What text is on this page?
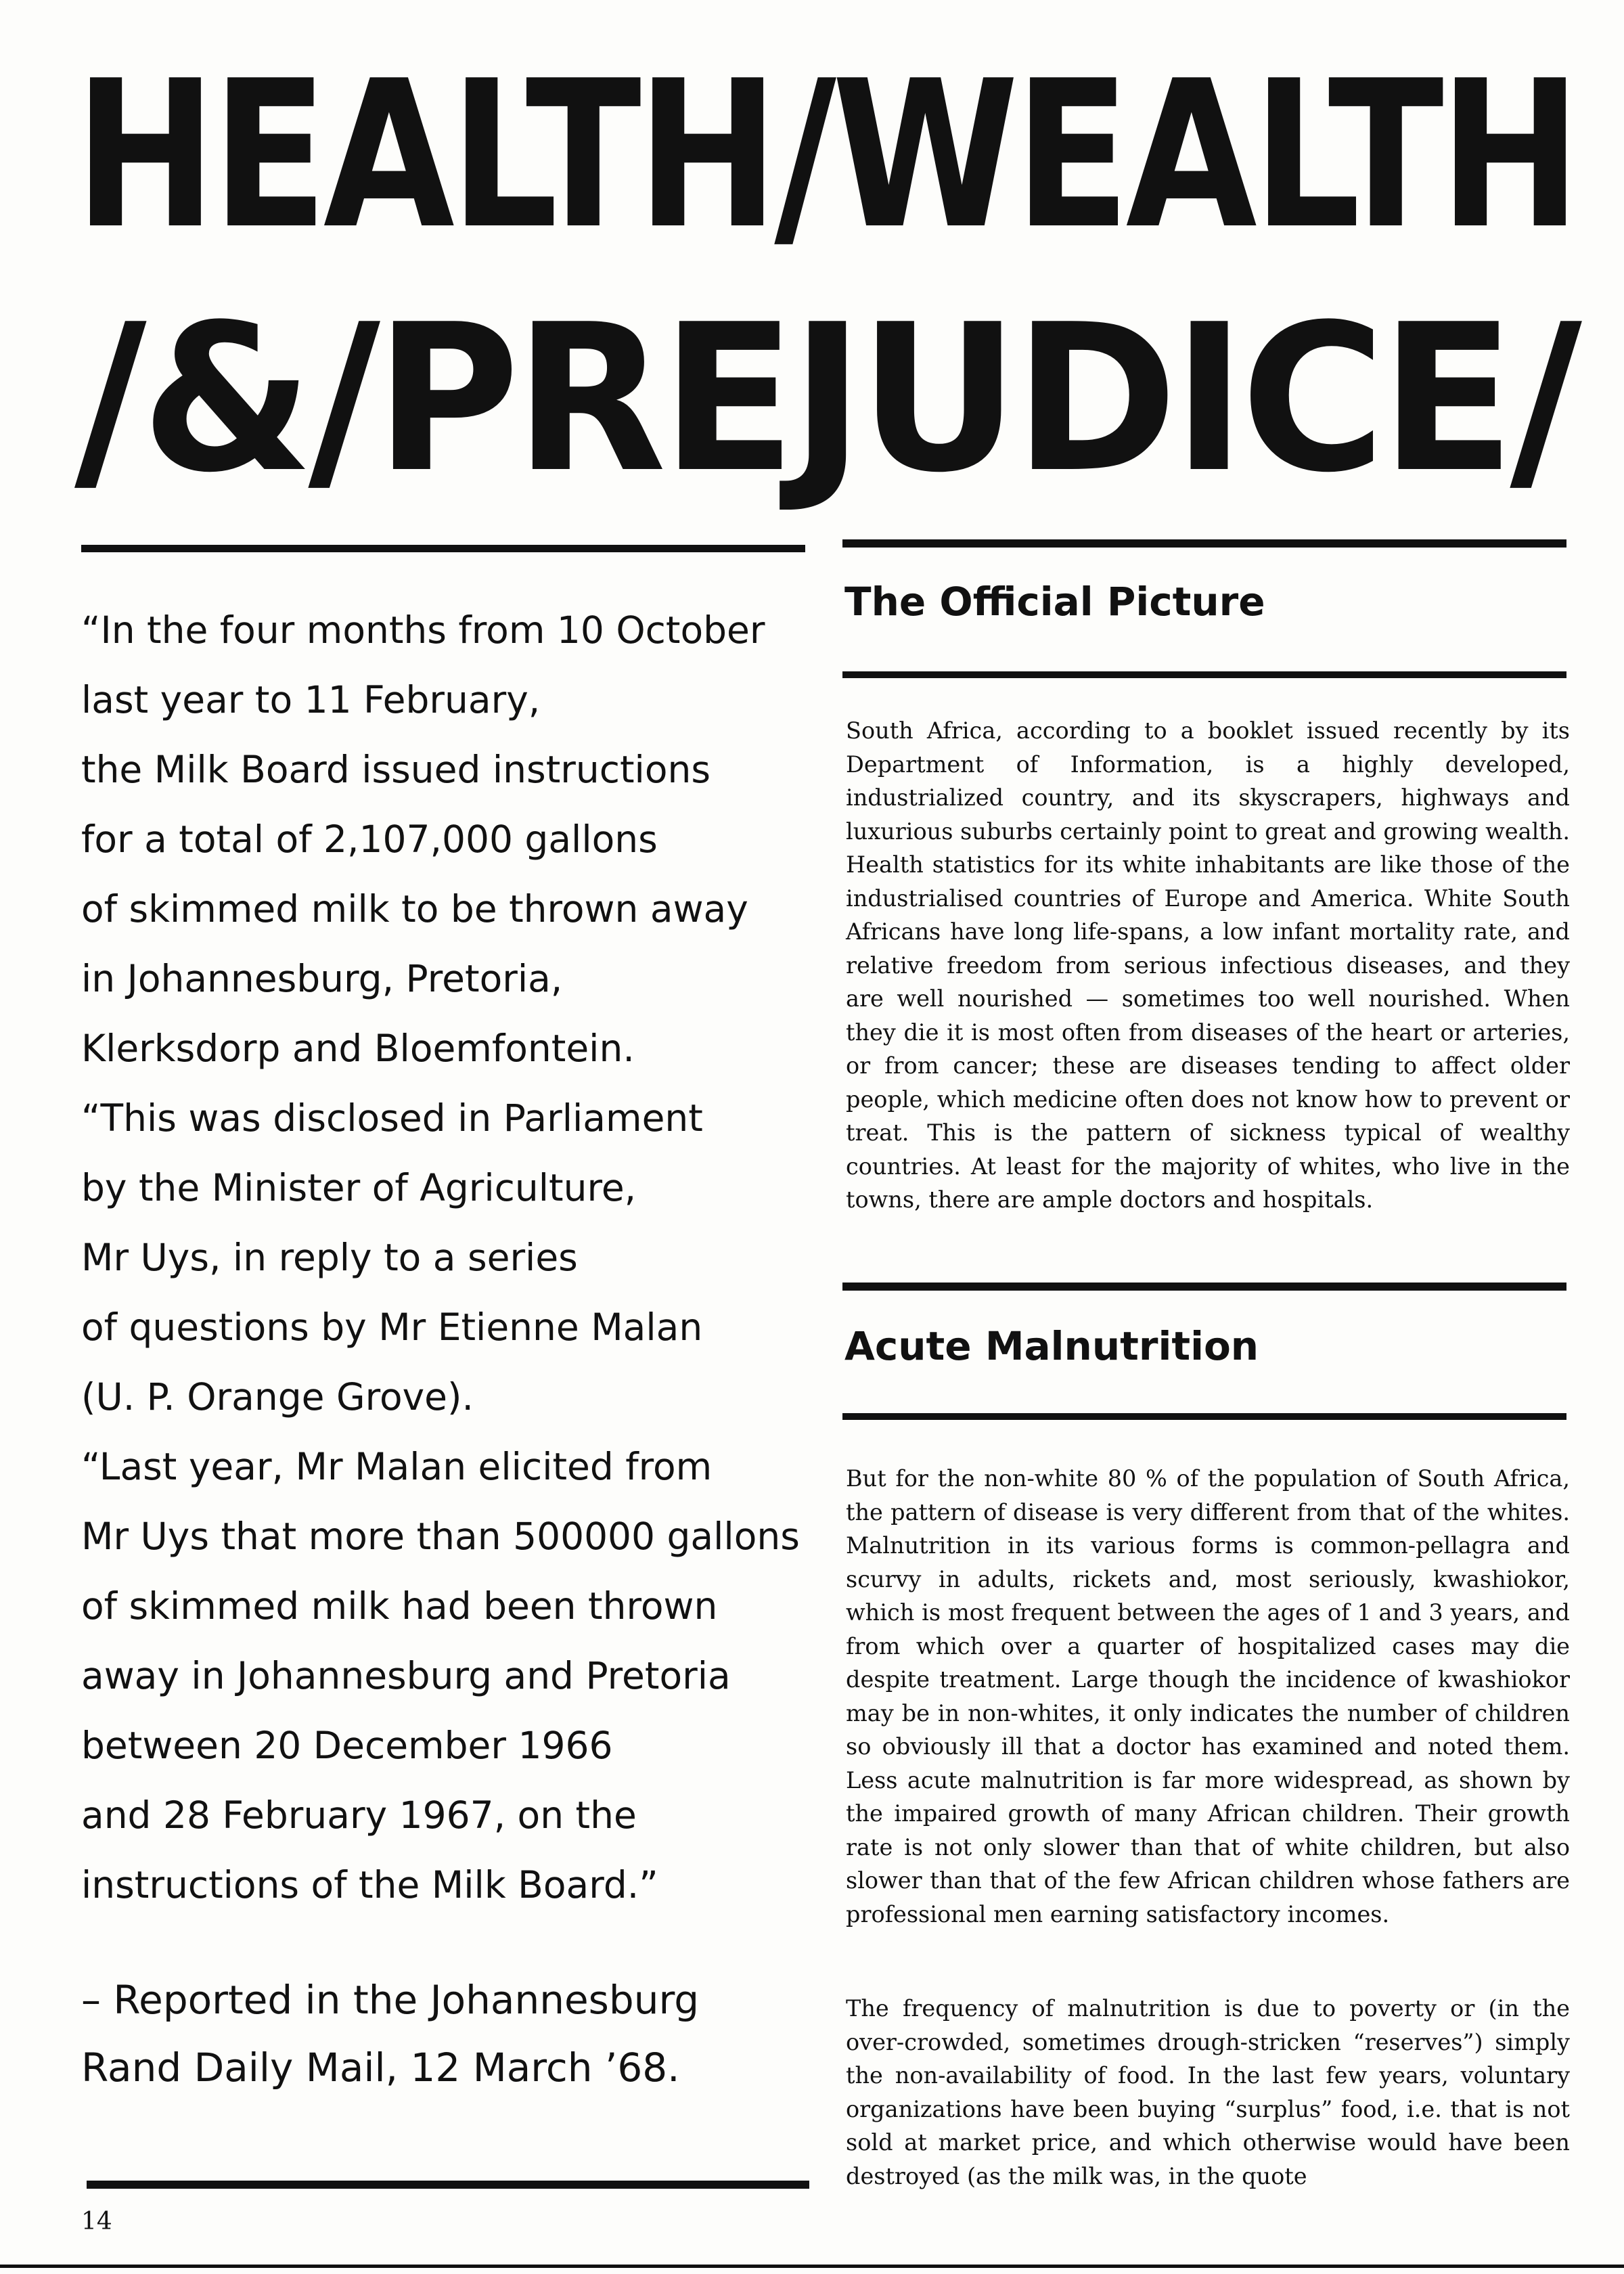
HEALTH/WEALTH
/&/PREJUDICE/
“In the four months from 10 October
last year to 11 February,
the Milk Board issued instructions
for a total of 2,107,000 gallons
of skimmed milk to be thrown away
in Johannesburg, Pretoria,
Klerksdorp and Bloemfontein.
“This was disclosed in Parliament
by the Minister of Agriculture,
Mr Uys, in reply to a series
of questions by Mr Etienne Malan
(U. P. Orange Grove).
“Last year, Mr Malan elicited from
Mr Uys that more than 500000 gallons
of skimmed milk had been thrown
away in Johannesburg and Pretoria
between 20 December 1966
and 28 February 1967, on the
instructions of the Milk Board.”
– Reported in the Johannesburg
Rand Daily Mail, 12 March ’68.
The Official Picture

South Africa, according to a booklet issued recently by its Department of Information, is a highly developed, industrialized country, and its skyscrapers, highways and luxurious suburbs certainly point to great and growing wealth. Health statistics for its white inhabitants are like those of the industrialised countries of Europe and America. White South Africans have long life-spans, a low infant mortality rate, and relative freedom from serious infectious diseases, and they are well nourished — sometimes too well nourished. When they die it is most often from diseases of the heart or arteries, or from cancer; these are diseases tending to affect older people, which medicine often does not know how to prevent or treat. This is the pattern of sickness typical of wealthy countries. At least for the majority of whites, who live in the towns, there are ample doctors and hospitals.

Acute Malnutrition

But for the non-white 80 % of the population of South Africa, the pattern of disease is very different from that of the whites. Malnutrition in its various forms is common-pellagra and scurvy in adults, rickets and, most seriously, kwashiokor, which is most frequent between the ages of 1 and 3 years, and from which over a quarter of hospitalized cases may die despite treatment. Large though the incidence of kwashiokor may be in non-whites, it only indicates the number of children so obviously ill that a doctor has examined and noted them. Less acute malnutrition is far more widespread, as shown by the impaired growth of many African children. Their growth rate is not only slower than that of white children, but also slower than that of the few African children whose fathers are professional men earning satisfactory incomes.

The frequency of malnutrition is due to poverty or (in the over-crowded, sometimes drough-stricken “reserves”) simply the non-availability of food. In the last few years, voluntary organizations have been buying “surplus” food, i.e. that is not sold at market price, and which otherwise would have been destroyed (as the milk was, in the quote

14
